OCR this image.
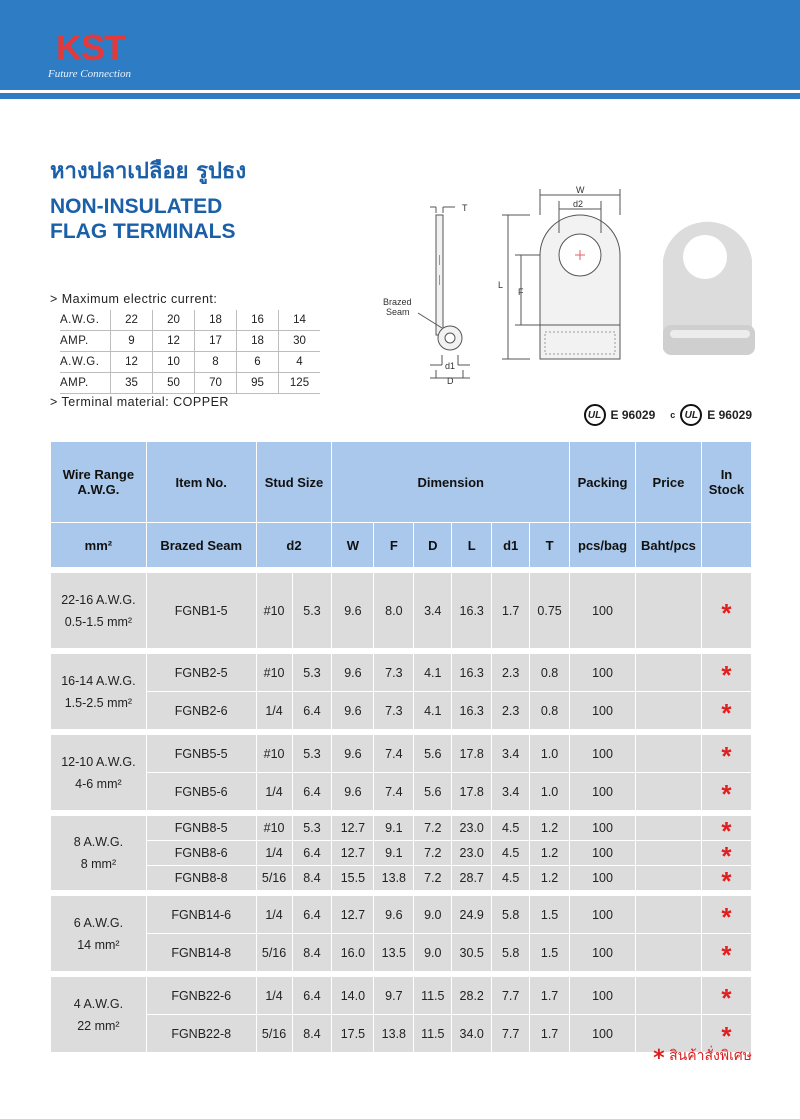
KST
Future Connection
หางปลาเปลือย รูปธง
NON-INSULATED
FLAG TERMINALS
> Maximum electric current:
A.W.G.	22	20	18	16	14
AMP.	9	12	17	18	30
A.W.G.	12	10	8	6	4
AMP.	35	50	70	95	125
> Terminal material: COPPER
T
d1
D
Brazed
Seam
W
d2
L
F
UL E 96029 c UL E 96029
Wire Range A.W.G.	Item No.	Stud Size		Dimension						Packing	Price	In Stock
mm²	Brazed Seam	d2		W	F	D	L	d1	T	pcs/bag	Baht/pcs	

22-16 A.W.G.
0.5-1.5 mm²	FGNB1-5	#10	5.3	9.6	8.0	3.4	16.3	1.7	0.75	100		*

16-14 A.W.G.
1.5-2.5 mm²	FGNB2-5	#10	5.3	9.6	7.3	4.1	16.3	2.3	0.8	100		*
	FGNB2-6	1/4	6.4	9.6	7.3	4.1	16.3	2.3	0.8	100		*

12-10 A.W.G.
4-6 mm²	FGNB5-5	#10	5.3	9.6	7.4	5.6	17.8	3.4	1.0	100		*
	FGNB5-6	1/4	6.4	9.6	7.4	5.6	17.8	3.4	1.0	100		*

8 A.W.G.
8 mm²	FGNB8-5	#10	5.3	12.7	9.1	7.2	23.0	4.5	1.2	100		*
	FGNB8-6	1/4	6.4	12.7	9.1	7.2	23.0	4.5	1.2	100		*
	FGNB8-8	5/16	8.4	15.5	13.8	7.2	28.7	4.5	1.2	100		*

6 A.W.G.
14 mm²	FGNB14-6	1/4	6.4	12.7	9.6	9.0	24.9	5.8	1.5	100		*
	FGNB14-8	5/16	8.4	16.0	13.5	9.0	30.5	5.8	1.5	100		*

4 A.W.G.
22 mm²	FGNB22-6	1/4	6.4	14.0	9.7	11.5	28.2	7.7	1.7	100		*
	FGNB22-8	5/16	8.4	17.5	13.8	11.5	34.0	7.7	1.7	100		*
* สินค้าสั่งพิเศษ
